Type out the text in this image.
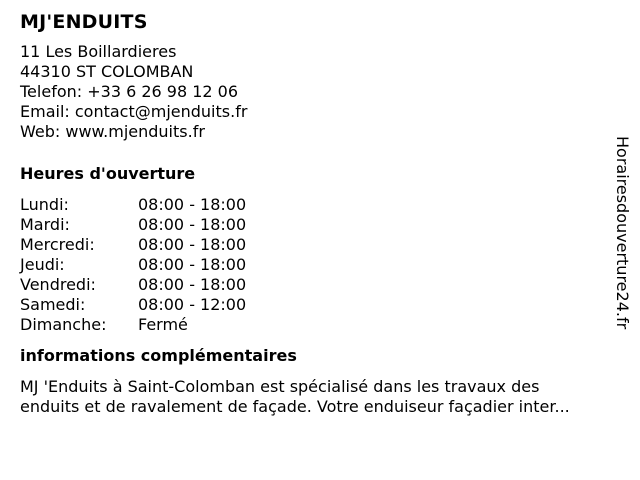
MJ'ENDUITS
11 Les Boillardieres
44310 ST COLOMBAN
Telefon: +33 6 26 98 12 06
Email: contact@mjenduits.fr
Web: www.mjenduits.fr
Heures d'ouverture
Lundi:	08:00 - 18:00
Mardi:	08:00 - 18:00
Mercredi:	08:00 - 18:00
Jeudi:	08:00 - 18:00
Vendredi:	08:00 - 18:00
Samedi:	08:00 - 12:00
Dimanche: Fermé
informations complémentaires

MJ 'Enduits à Saint-Colomban est spécialisé dans les travaux des
enduits et de ravalement de façade. Votre enduiseur façadier inter...

Horairesdouverture24.fr
